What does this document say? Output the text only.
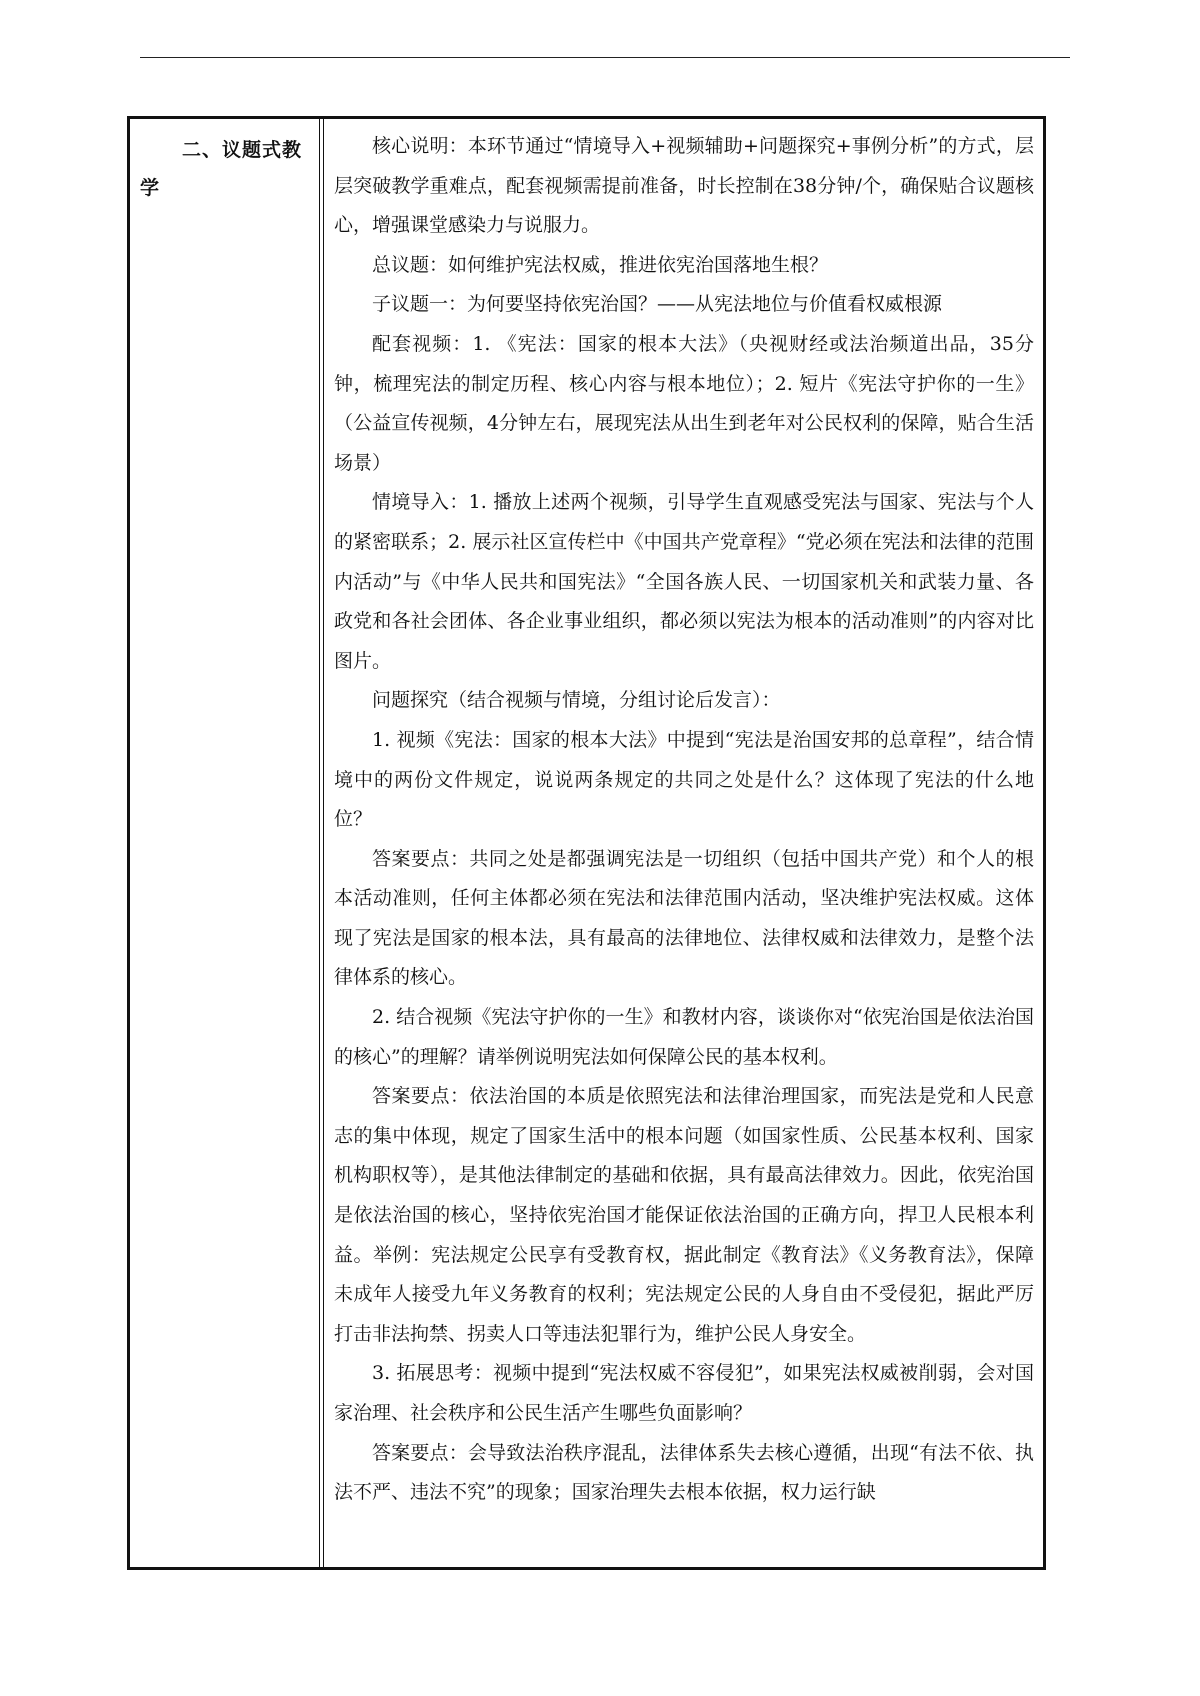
二、议题式教学

核心说明：本环节通过“情境导入+视频辅助+问题探究+事例分析”的方式，层层突破教学重难点，配套视频需提前准备，时长控制在38分钟/个，确保贴合议题核心，增强课堂感染力与说服力。

总议题：如何维护宪法权威，推进依宪治国落地生根？

子议题一：为何要坚持依宪治国？——从宪法地位与价值看权威根源

配套视频：1. 《宪法：国家的根本大法》（央视财经或法治频道出品，35分钟，梳理宪法的制定历程、核心内容与根本地位）；2. 短片《宪法守护你的一生》（公益宣传视频，4分钟左右，展现宪法从出生到老年对公民权利的保障，贴合生活场景）

情境导入：1. 播放上述两个视频，引导学生直观感受宪法与国家、宪法与个人的紧密联系；2. 展示社区宣传栏中《中国共产党章程》“党必须在宪法和法律的范围内活动”与《中华人民共和国宪法》“全国各族人民、一切国家机关和武装力量、各政党和各社会团体、各企业事业组织，都必须以宪法为根本的活动准则”的内容对比图片。

问题探究（结合视频与情境，分组讨论后发言）：

1. 视频《宪法：国家的根本大法》中提到“宪法是治国安邦的总章程”，结合情境中的两份文件规定，说说两条规定的共同之处是什么？这体现了宪法的什么地位？

答案要点：共同之处是都强调宪法是一切组织（包括中国共产党）和个人的根本活动准则，任何主体都必须在宪法和法律范围内活动，坚决维护宪法权威。这体现了宪法是国家的根本法，具有最高的法律地位、法律权威和法律效力，是整个法律体系的核心。

2. 结合视频《宪法守护你的一生》和教材内容，谈谈你对“依宪治国是依法治国的核心”的理解？请举例说明宪法如何保障公民的基本权利。

答案要点：依法治国的本质是依照宪法和法律治理国家，而宪法是党和人民意志的集中体现，规定了国家生活中的根本问题（如国家性质、公民基本权利、国家机构职权等），是其他法律制定的基础和依据，具有最高法律效力。因此，依宪治国是依法治国的核心，坚持依宪治国才能保证依法治国的正确方向，捍卫人民根本利益。举例：宪法规定公民享有受教育权，据此制定《教育法》《义务教育法》，保障未成年人接受九年义务教育的权利；宪法规定公民的人身自由不受侵犯，据此严厉打击非法拘禁、拐卖人口等违法犯罪行为，维护公民人身安全。

3. 拓展思考：视频中提到“宪法权威不容侵犯”，如果宪法权威被削弱，会对国家治理、社会秩序和公民生活产生哪些负面影响？

答案要点：会导致法治秩序混乱，法律体系失去核心遵循，出现“有法不依、执法不严、违法不究”的现象；国家治理失去根本依据，权力运行缺
